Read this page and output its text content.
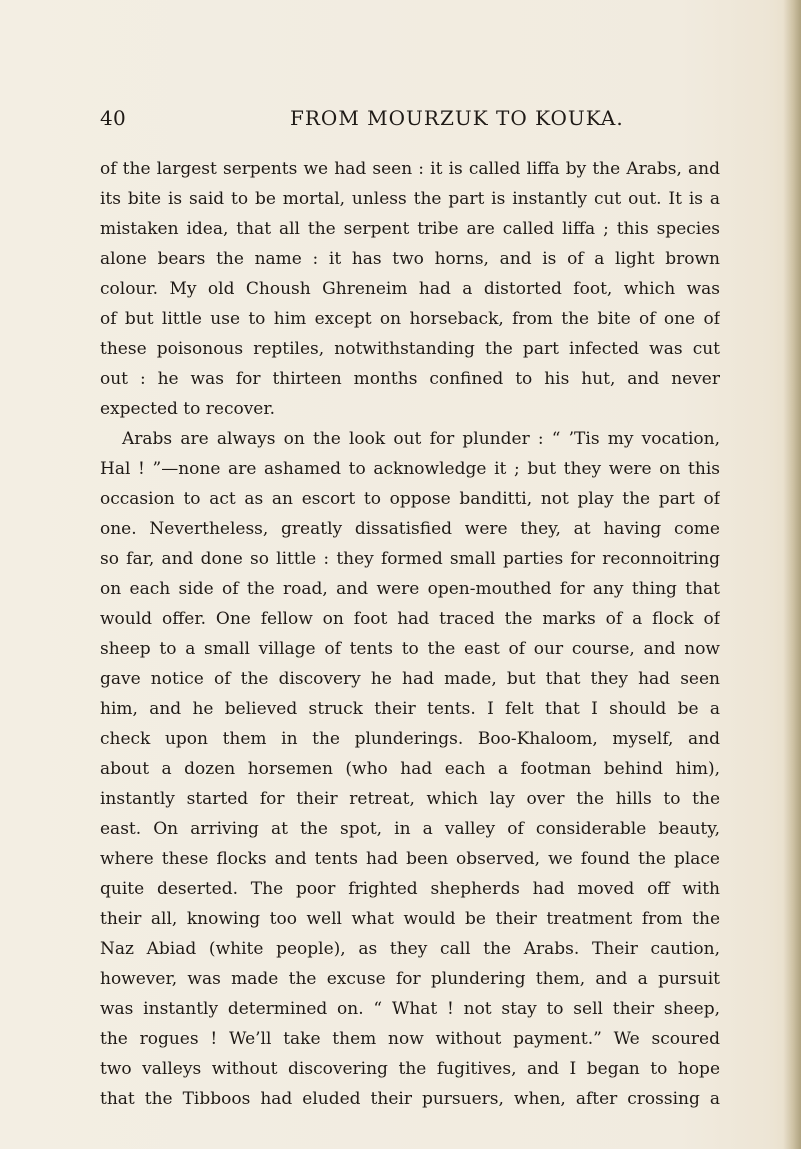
40	FROM MOURZUK TO KOUKA.
of the largest serpents we had seen : it is called liffa by the Arabs, and
its bite is said to be mortal, unless the part is instantly cut out. It is a
mistaken idea, that all the serpent tribe are called liffa ; this species
alone bears the name : it has two horns, and is of a light brown
colour. My old Choush Ghreneim had a distorted foot, which was
of but little use to him except on horseback, from the bite of one of
these poisonous reptiles, notwithstanding the part infected was cut
out : he was for thirteen months confined to his hut, and never
expected to recover.
Arabs are always on the look out for plunder : “ ’Tis my vocation,
Hal ! ”—none are ashamed to acknowledge it ; but they were on this
occasion to act as an escort to oppose banditti, not play the part of
one. Nevertheless, greatly dissatisfied were they, at having come
so far, and done so little : they formed small parties for reconnoitring
on each side of the road, and were open-mouthed for any thing that
would offer. One fellow on foot had traced the marks of a flock of
sheep to a small village of tents to the east of our course, and now
gave notice of the discovery he had made, but that they had seen
him, and he believed struck their tents. I felt that I should be a
check upon them in the plunderings. Boo-Khaloom, myself, and
about a dozen horsemen (who had each a footman behind him),
instantly started for their retreat, which lay over the hills to the
east. On arriving at the spot, in a valley of considerable beauty,
where these flocks and tents had been observed, we found the place
quite deserted. The poor frighted shepherds had moved off with
their all, knowing too well what would be their treatment from the
Naz Abiad (white people), as they call the Arabs. Their caution,
however, was made the excuse for plundering them, and a pursuit
was instantly determined on. “ What ! not stay to sell their sheep,
the rogues ! We’ll take them now without payment.” We scoured
two valleys without discovering the fugitives, and I began to hope
that the Tibboos had eluded their pursuers, when, after crossing a
